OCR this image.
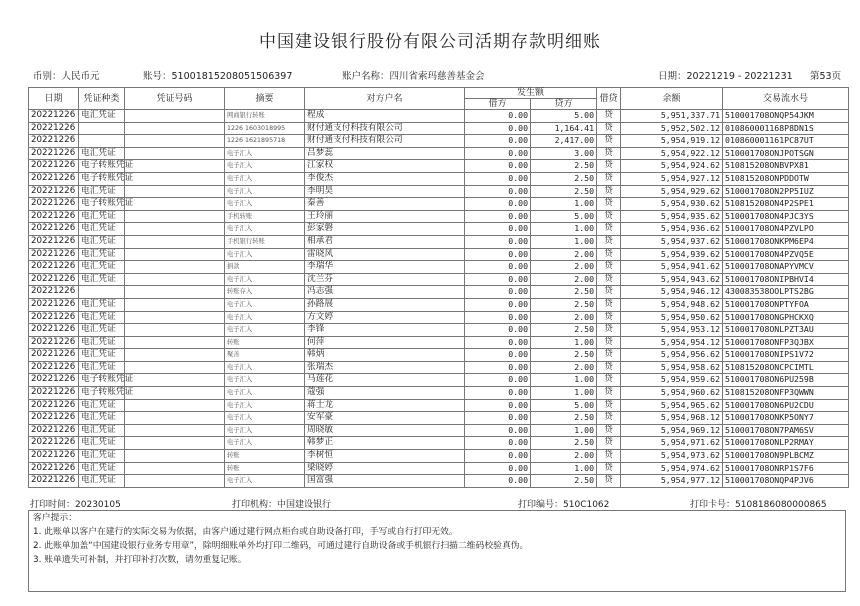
中国建设银行股份有限公司活期存款明细账
币别：人民币元	账号：51001815208051506397	账户名称：四川省索玛慈善基金会	日期：20221219 - 20221231 第53页
日期	凭证种类	凭证号码	摘要	对方户名	发生额		借贷	余额	交易流水号
					借方	贷方			
20221226	电汇凭证		网商银行转账	程成	0.00	5.00	贷	5,951,337.71	510001708ONQP54JKM
20221226			1226 1603018995	财付通支付科技有限公司	0.00	1,164.41	贷	5,952,502.12	010860001168P8DN1S
20221226			1226 1621895718	财付通支付科技有限公司	0.00	2,417.00	贷	5,954,919.12	010860001161PC87UT
20221226	电汇凭证		电子汇入	吕梦蕊	0.00	3.00	贷	5,954,922.12	510001708ONJPOTSGN
20221226	电子转账凭证		电子汇入	江家权	0.00	2.50	贷	5,954,924.62	510815208ONBVPX81
20221226	电子转账凭证		电子汇入	李俊杰	0.00	2.50	贷	5,954,927.12	510815208ONPDDOTW
20221226	电汇凭证		电子汇入	李明昊	0.00	2.50	贷	5,954,929.62	510001708ON2PP5IUZ
20221226	电子转账凭证		电子汇入	秦善	0.00	1.00	贷	5,954,930.62	510815208ON4P2SPE1
20221226	电汇凭证		手机转账	王玲丽	0.00	5.00	贷	5,954,935.62	510001708ON4PJC3YS
20221226	电汇凭证		电子汇入	彭家磐	0.00	1.00	贷	5,954,936.62	510001708ON4PZVLPO
20221226	电汇凭证		手机银行转账	相承君	0.00	1.00	贷	5,954,937.62	510001708ONKPM6EP4
20221226	电汇凭证		电子汇入	雷晓风	0.00	2.00	贷	5,954,939.62	510001708ON4PZVQ5E
20221226	电汇凭证		捐款	李瑞华	0.00	2.00	贷	5,954,941.62	510001708ONAPYVMCV
20221226	电汇凭证		电子汇入	沈兰芬	0.00	2.00	贷	5,954,943.62	510001708ONIPBHVI4
20221226			转账存入	冯志强	0.00	2.50	贷	5,954,946.12	430083538OOLPTS2BG
20221226	电汇凭证		电子汇入	孙路展	0.00	2.50	贷	5,954,948.62	510001708ONPTYFOA
20221226	电汇凭证		电子汇入	方文婷	0.00	2.00	贷	5,954,950.62	510001708ONGPHCKXQ
20221226	电汇凭证		电子汇入	李锋	0.00	2.50	贷	5,954,953.12	510001708ONLPZT3AU
20221226	电汇凭证		转账	何萍	0.00	1.00	贷	5,954,954.12	510001708ONFP3QJBX
20221226	电汇凭证		聚善	韩炳	0.00	2.50	贷	5,954,956.62	510001708ONIPS1V72
20221226	电汇凭证		电子汇入	张瑞杰	0.00	2.00	贷	5,954,958.62	510815208ONCPCIMTL
20221226	电子转账凭证		电子汇入	马莲花	0.00	1.00	贷	5,954,959.62	510001708ON6PU259B
20221226	电子转账凭证		电子汇入	蔻强	0.00	1.00	贷	5,954,960.62	510815208ONFP3QWWN
20221226	电汇凭证		电子汇入	蒋士龙	0.00	5.00	贷	5,954,965.62	510001708ON6PU2CDU
20221226	电汇凭证		电子汇入	安军豪	0.00	2.50	贷	5,954,968.12	510001708ONKP5ONY7
20221226	电汇凭证		电子汇入	周晓敏	0.00	1.00	贷	5,954,969.12	510001708ON7PAM6SV
20221226	电汇凭证		电子汇入	韩梦正	0.00	2.50	贷	5,954,971.62	510001708ONLP2RMAY
20221226	电汇凭证		转账	李树恒	0.00	2.00	贷	5,954,973.62	510001708ON9PLBCMZ
20221226	电汇凭证		转账	梁晓婷	0.00	1.00	贷	5,954,974.62	510001708ONRP1S7F6
20221226	电汇凭证		电子汇入	国富强	0.00	2.50	贷	5,954,977.12	510001708ONQP4PJV6
打印时间：20230105	打印机构：中国建设银行	打印编号：510C1062	打印卡号：5108186080000865
客户提示：
1. 此账单以客户在建行的实际交易为依据，由客户通过建行网点柜台或自助设备打印，手写或自行打印无效。
2. 此账单加盖“中国建设银行业务专用章”，除明细账单外均打印二维码，可通过建行自助设备或手机银行扫描二维码校验真伪。
3. 账单遗失可补制，并打印补打次数，请勿重复记账。
